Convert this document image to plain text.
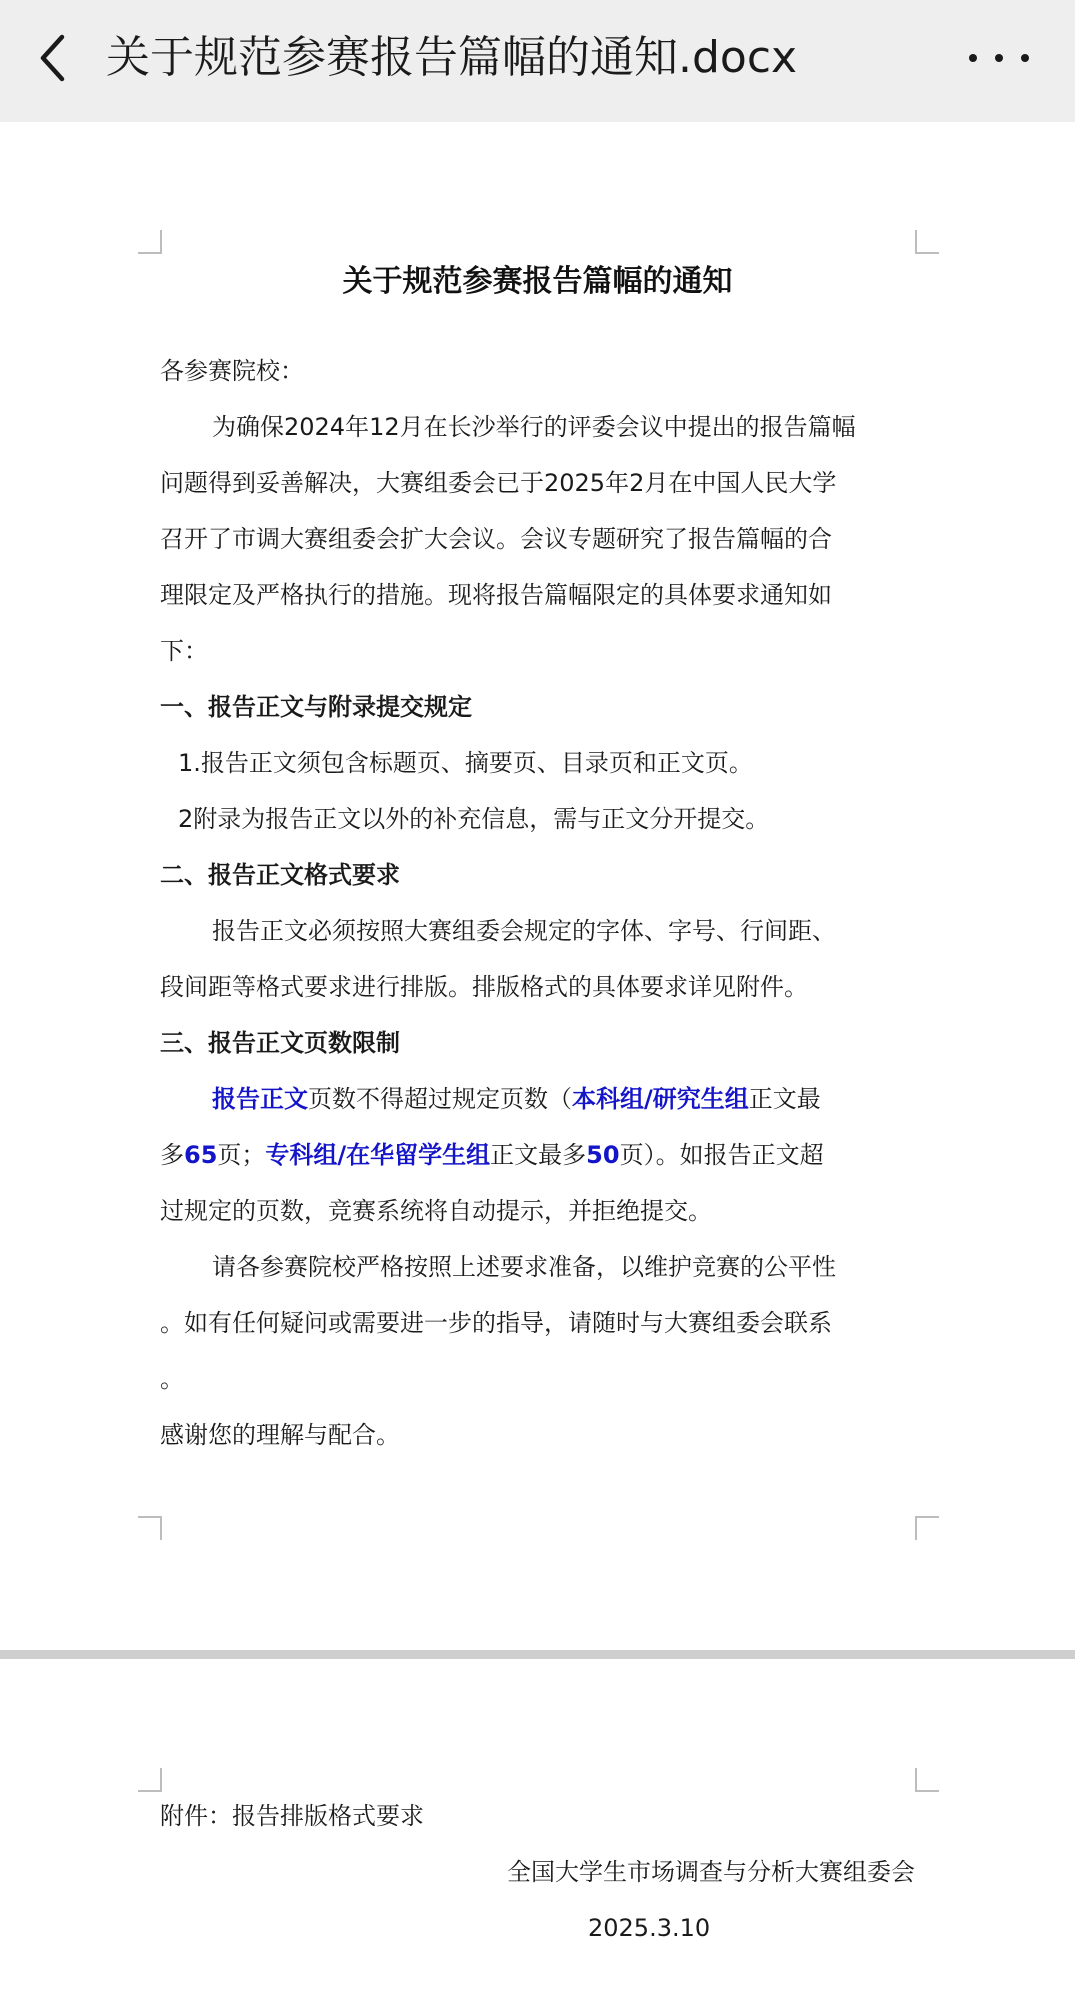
关于规范参赛报告篇幅的通知.docx
关于规范参赛报告篇幅的通知
各参赛院校：
为确保2024年12月在长沙举行的评委会议中提出的报告篇幅
问题得到妥善解决，大赛组委会已于2025年2月在中国人民大学
召开了市调大赛组委会扩大会议。会议专题研究了报告篇幅的合
理限定及严格执行的措施。现将报告篇幅限定的具体要求通知如
下：
一、报告正文与附录提交规定
1.报告正文须包含标题页、摘要页、目录页和正文页。
2附录为报告正文以外的补充信息，需与正文分开提交。
二、报告正文格式要求
报告正文必须按照大赛组委会规定的字体、字号、行间距、
段间距等格式要求进行排版。排版格式的具体要求详见附件。
三、报告正文页数限制
报告正文页数不得超过规定页数（本科组/研究生组正文最
多65页；专科组/在华留学生组正文最多50页）。如报告正文超
过规定的页数，竞赛系统将自动提示，并拒绝提交。
请各参赛院校严格按照上述要求准备，以维护竞赛的公平性
。如有任何疑问或需要进一步的指导，请随时与大赛组委会联系
。
感谢您的理解与配合。
附件：报告排版格式要求
全国大学生市场调查与分析大赛组委会
2025.3.10
